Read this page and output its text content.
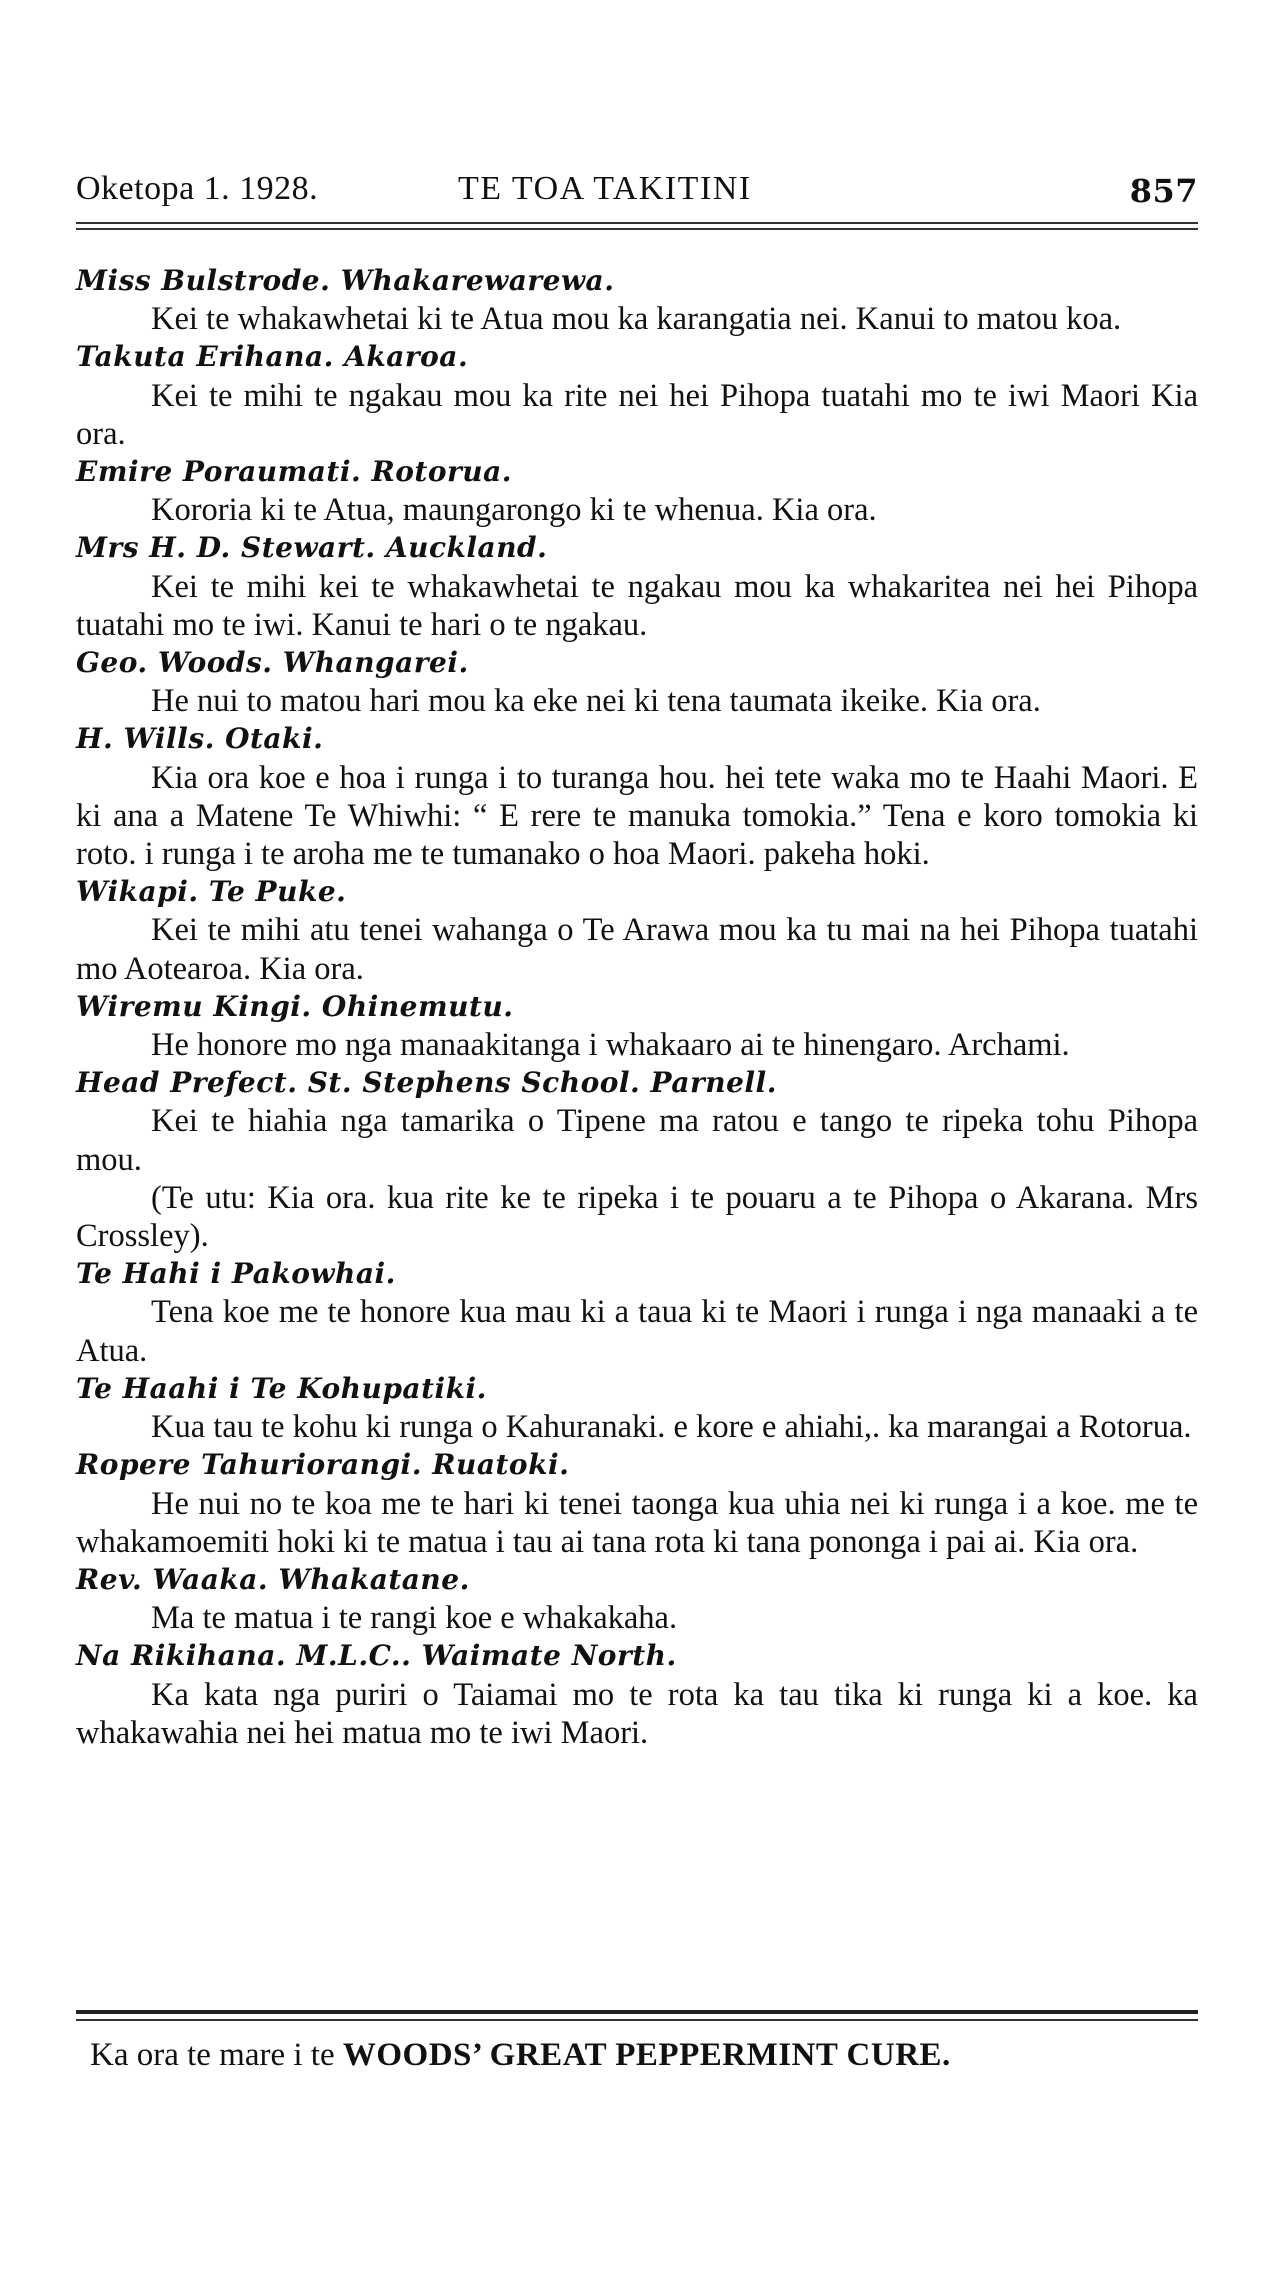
Oketopa 1. 1928.	TE TOA TAKITINI	857
Miss Bulstrode. Whakarewarewa.
Kei te whakawhetai ki te Atua mou ka karangatia nei. Kanui to matou koa.
Takuta Erihana. Akaroa.
Kei te mihi te ngakau mou ka rite nei hei Pihopa tuatahi mo te iwi Maori Kia ora.
Emire Poraumati. Rotorua.
Kororia ki te Atua, maungarongo ki te whenua. Kia ora.
Mrs H. D. Stewart. Auckland.
Kei te mihi kei te whakawhetai te ngakau mou ka whakaritea nei hei Pihopa tuatahi mo te iwi. Kanui te hari o te ngakau.
Geo. Woods. Whangarei.
He nui to matou hari mou ka eke nei ki tena taumata ikeike. Kia ora.
H. Wills. Otaki.
Kia ora koe e hoa i runga i to turanga hou. hei tete waka mo te Haahi Maori. E ki ana a Matene Te Whiwhi: “ E rere te manuka tomokia.” Tena e koro tomokia ki roto. i runga i te aroha me te tumanako o hoa Maori. pakeha hoki.
Wikapi. Te Puke.
Kei te mihi atu tenei wahanga o Te Arawa mou ka tu mai na hei Pihopa tuatahi mo Aotearoa. Kia ora.
Wiremu Kingi. Ohinemutu.
He honore mo nga manaakitanga i whakaaro ai te hinengaro. Archami.
Head Prefect. St. Stephens School. Parnell.
Kei te hiahia nga tamarika o Tipene ma ratou e tango te ripeka tohu Pihopa mou.
(Te utu: Kia ora. kua rite ke te ripeka i te pouaru a te Pihopa o Akarana. Mrs Crossley).
Te Hahi i Pakowhai.
Tena koe me te honore kua mau ki a taua ki te Maori i runga i nga manaaki a te Atua.
Te Haahi i Te Kohupatiki.
Kua tau te kohu ki runga o Kahuranaki. e kore e ahiahi,. ka marangai a Rotorua.
Ropere Tahuriorangi. Ruatoki.
He nui no te koa me te hari ki tenei taonga kua uhia nei ki runga i a koe. me te whakamoemiti hoki ki te matua i tau ai tana rota ki tana pononga i pai ai. Kia ora.
Rev. Waaka. Whakatane.
Ma te matua i te rangi koe e whakakaha.
Na Rikihana. M.L.C.. Waimate North.
Ka kata nga puriri o Taiamai mo te rota ka tau tika ki runga ki a koe. ka whakawahia nei hei matua mo te iwi Maori.
Ka ora te mare i te WOODS’ GREAT PEPPERMINT CURE.
